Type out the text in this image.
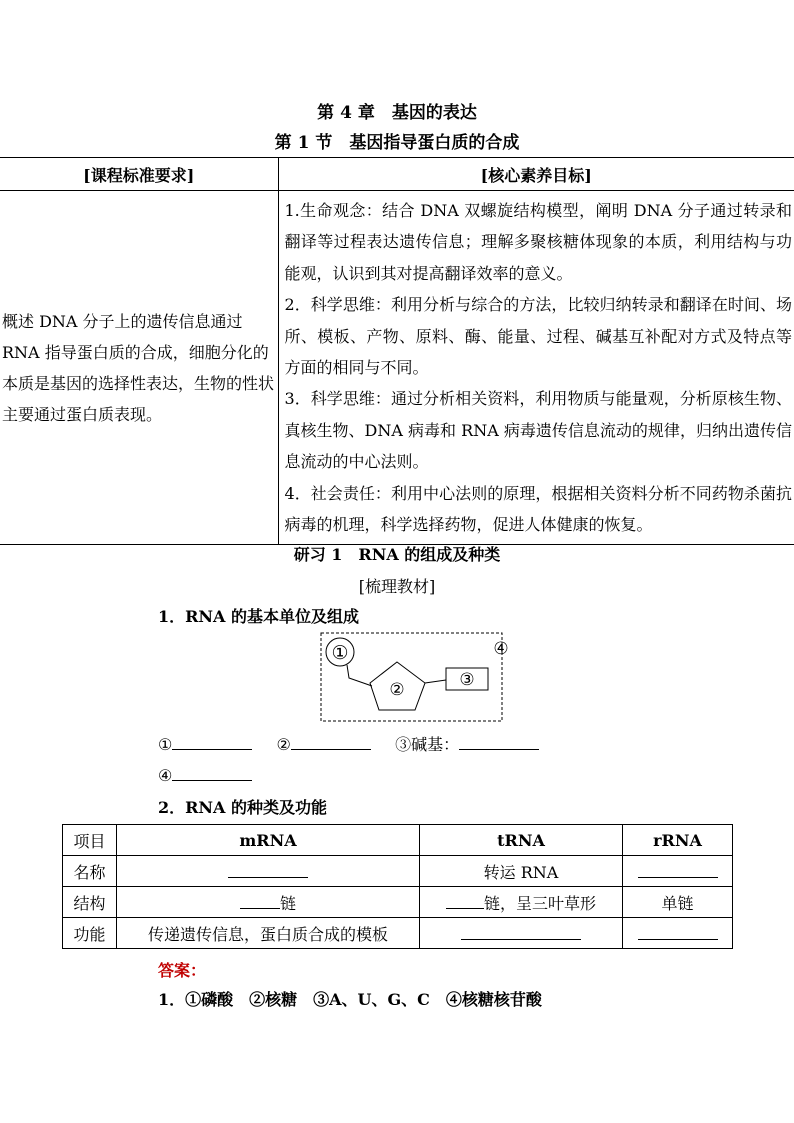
第 4 章　基因的表达
第 1 节　基因指导蛋白质的合成
[课程标准要求]	[核心素养目标]
概述 DNA 分子上的遗传信息通过 RNA 指导蛋白质的合成，细胞分化的本质是基因的选择性表达，生物的性状主要通过蛋白质表现。	1.生命观念：结合 DNA 双螺旋结构模型，阐明 DNA 分子通过转录和翻译等过程表达遗传信息；理解多聚核糖体现象的本质，利用结构与功能观，认识到其对提高翻译效率的意义。
2．科学思维：利用分析与综合的方法，比较归纳转录和翻译在时间、场所、模板、产物、原料、酶、能量、过程、碱基互补配对方式及特点等方面的相同与不同。
3．科学思维：通过分析相关资料，利用物质与能量观，分析原核生物、真核生物、DNA 病毒和 RNA 病毒遗传信息流动的规律，归纳出遗传信息流动的中心法则。
4．社会责任：利用中心法则的原理，根据相关资料分析不同药物杀菌抗病毒的机理，科学选择药物，促进人体健康的恢复。
研习 1　RNA 的组成及种类
[梳理教材]
1．RNA 的基本单位及组成
①
②	③
④
①	②	③碱基：
④
2．RNA 的种类及功能
项目	mRNA	tRNA	rRNA
名称		转运 RNA	
结构	链	链，呈三叶草形	单链
功能	传递遗传信息，蛋白质合成的模板		
答案：
1．①磷酸　②核糖　③A、U、G、C　④核糖核苷酸
